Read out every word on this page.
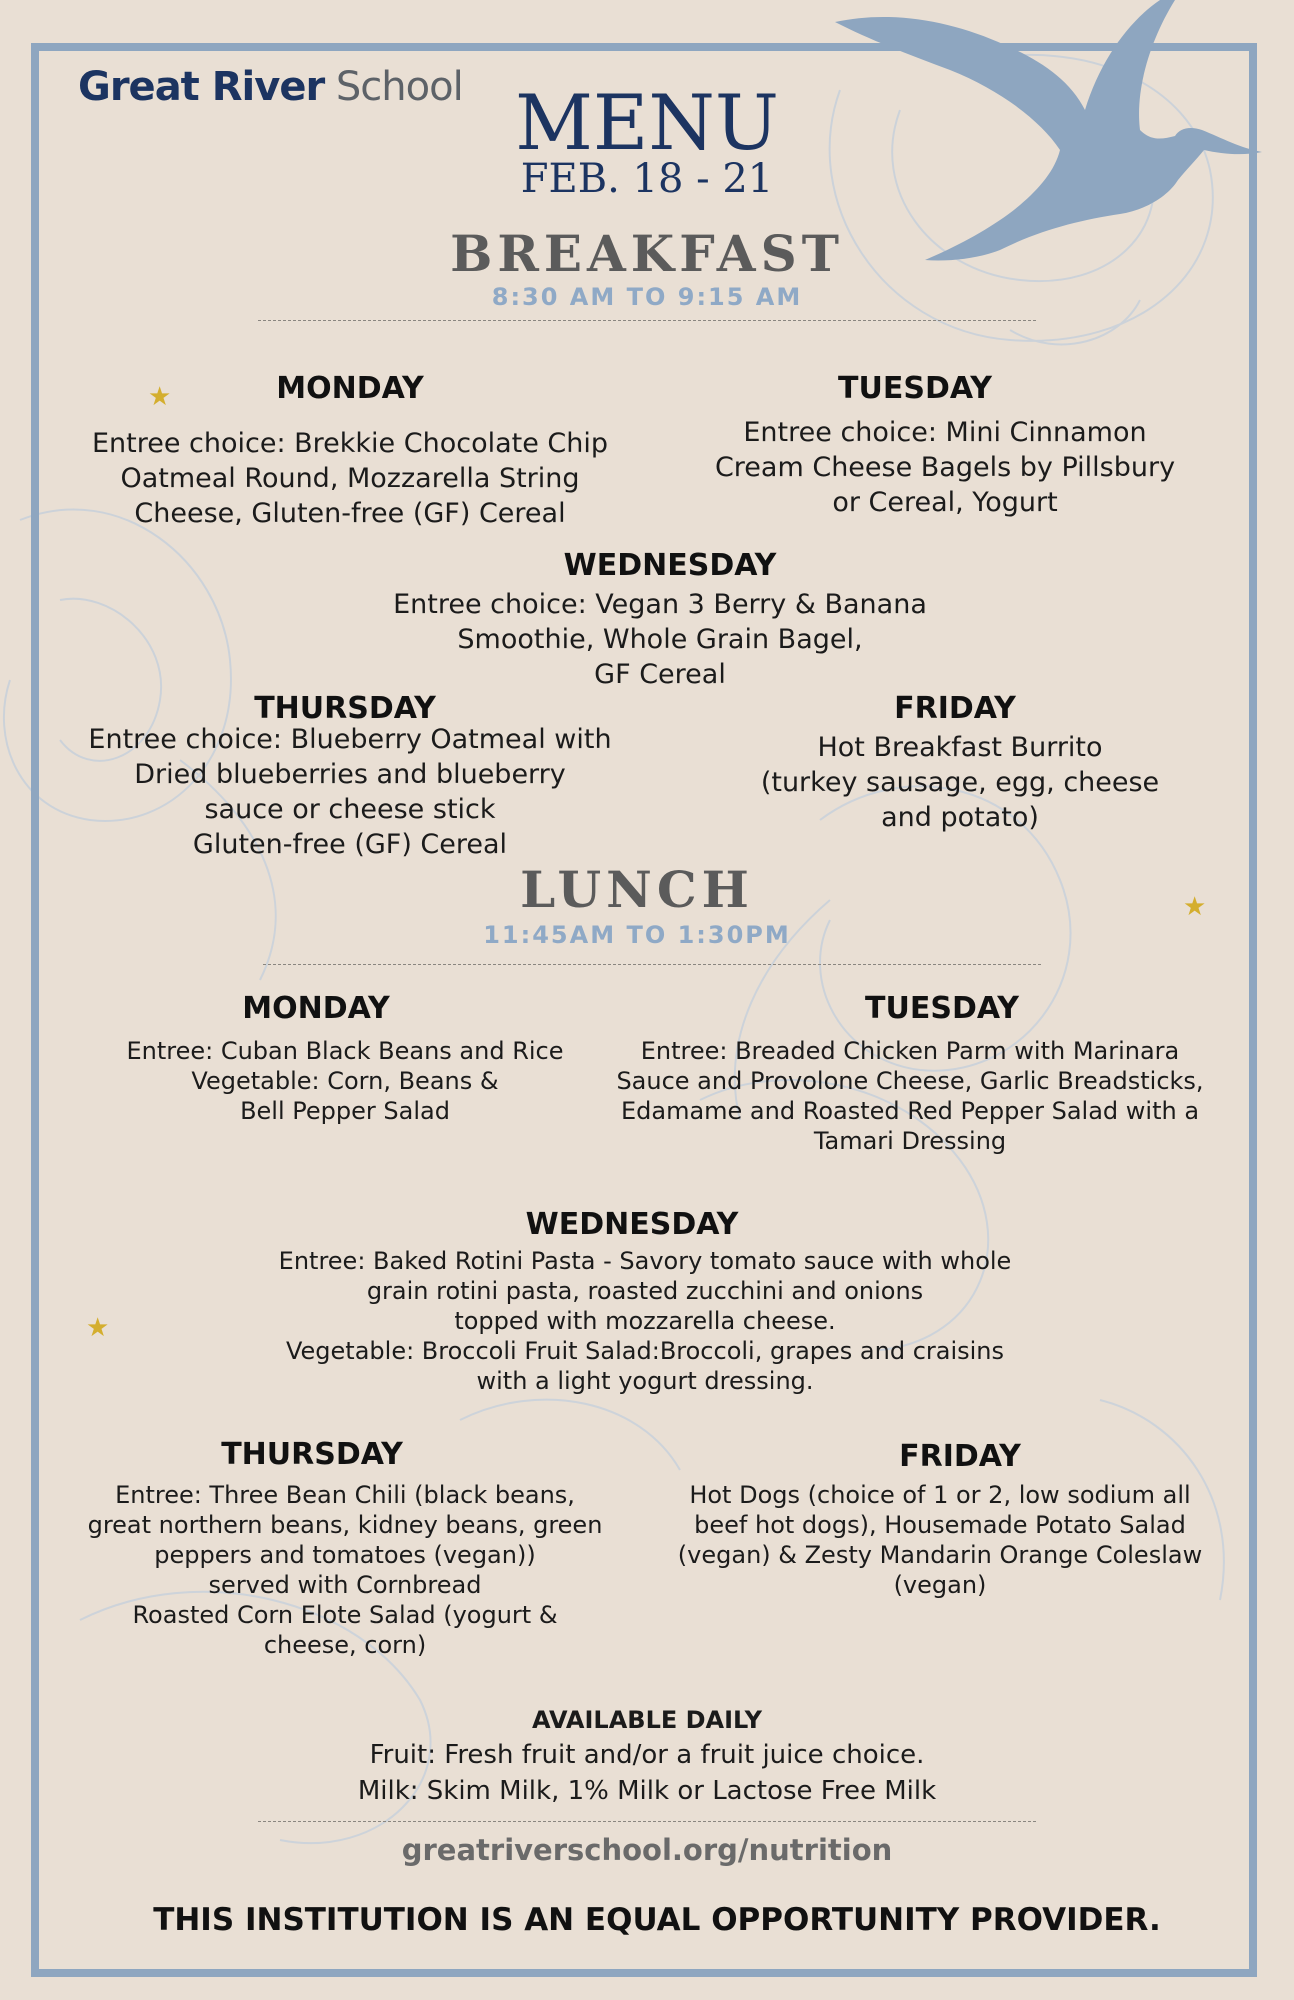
Great River School MENU
FEB. 18 - 21
BREAKFAST
8:30 AM TO 9:15 AM
★	MONDAY
Entree choice: Brekkie Chocolate Chip
Oatmeal Round, Mozzarella String
Cheese, Gluten-free (GF) Cereal
TUESDAY
Entree choice: Mini Cinnamon
Cream Cheese Bagels by Pillsbury
or Cereal, Yogurt
WEDNESDAY
Entree choice: Vegan 3 Berry & Banana
Smoothie, Whole Grain Bagel,
GF Cereal
THURSDAY
Entree choice: Blueberry Oatmeal with
Dried blueberries and blueberry
sauce or cheese stick
Gluten-free (GF) Cereal
FRIDAY
Hot Breakfast Burrito
(turkey sausage, egg, cheese
and potato)
LUNCH
11:45AM TO 1:30PM
★
MONDAY
Entree: Cuban Black Beans and Rice
Vegetable: Corn, Beans &
Bell Pepper Salad
TUESDAY
Entree: Breaded Chicken Parm with Marinara
Sauce and Provolone Cheese, Garlic Breadsticks,
Edamame and Roasted Red Pepper Salad with a
Tamari Dressing
WEDNESDAY
Entree: Baked Rotini Pasta - Savory tomato sauce with whole
grain rotini pasta, roasted zucchini and onions
topped with mozzarella cheese.
Vegetable: Broccoli Fruit Salad:Broccoli, grapes and craisins
with a light yogurt dressing.
★
THURSDAY
Entree: Three Bean Chili (black beans,
great northern beans, kidney beans, green
peppers and tomatoes (vegan))
served with Cornbread
Roasted Corn Elote Salad (yogurt &
cheese, corn)
FRIDAY
Hot Dogs (choice of 1 or 2, low sodium all
beef hot dogs), Housemade Potato Salad
(vegan) & Zesty Mandarin Orange Coleslaw
(vegan)
AVAILABLE DAILY
Fruit: Fresh fruit and/or a fruit juice choice.
Milk: Skim Milk, 1% Milk or Lactose Free Milk
greatriverschool.org/nutrition
THIS INSTITUTION IS AN EQUAL OPPORTUNITY PROVIDER.
